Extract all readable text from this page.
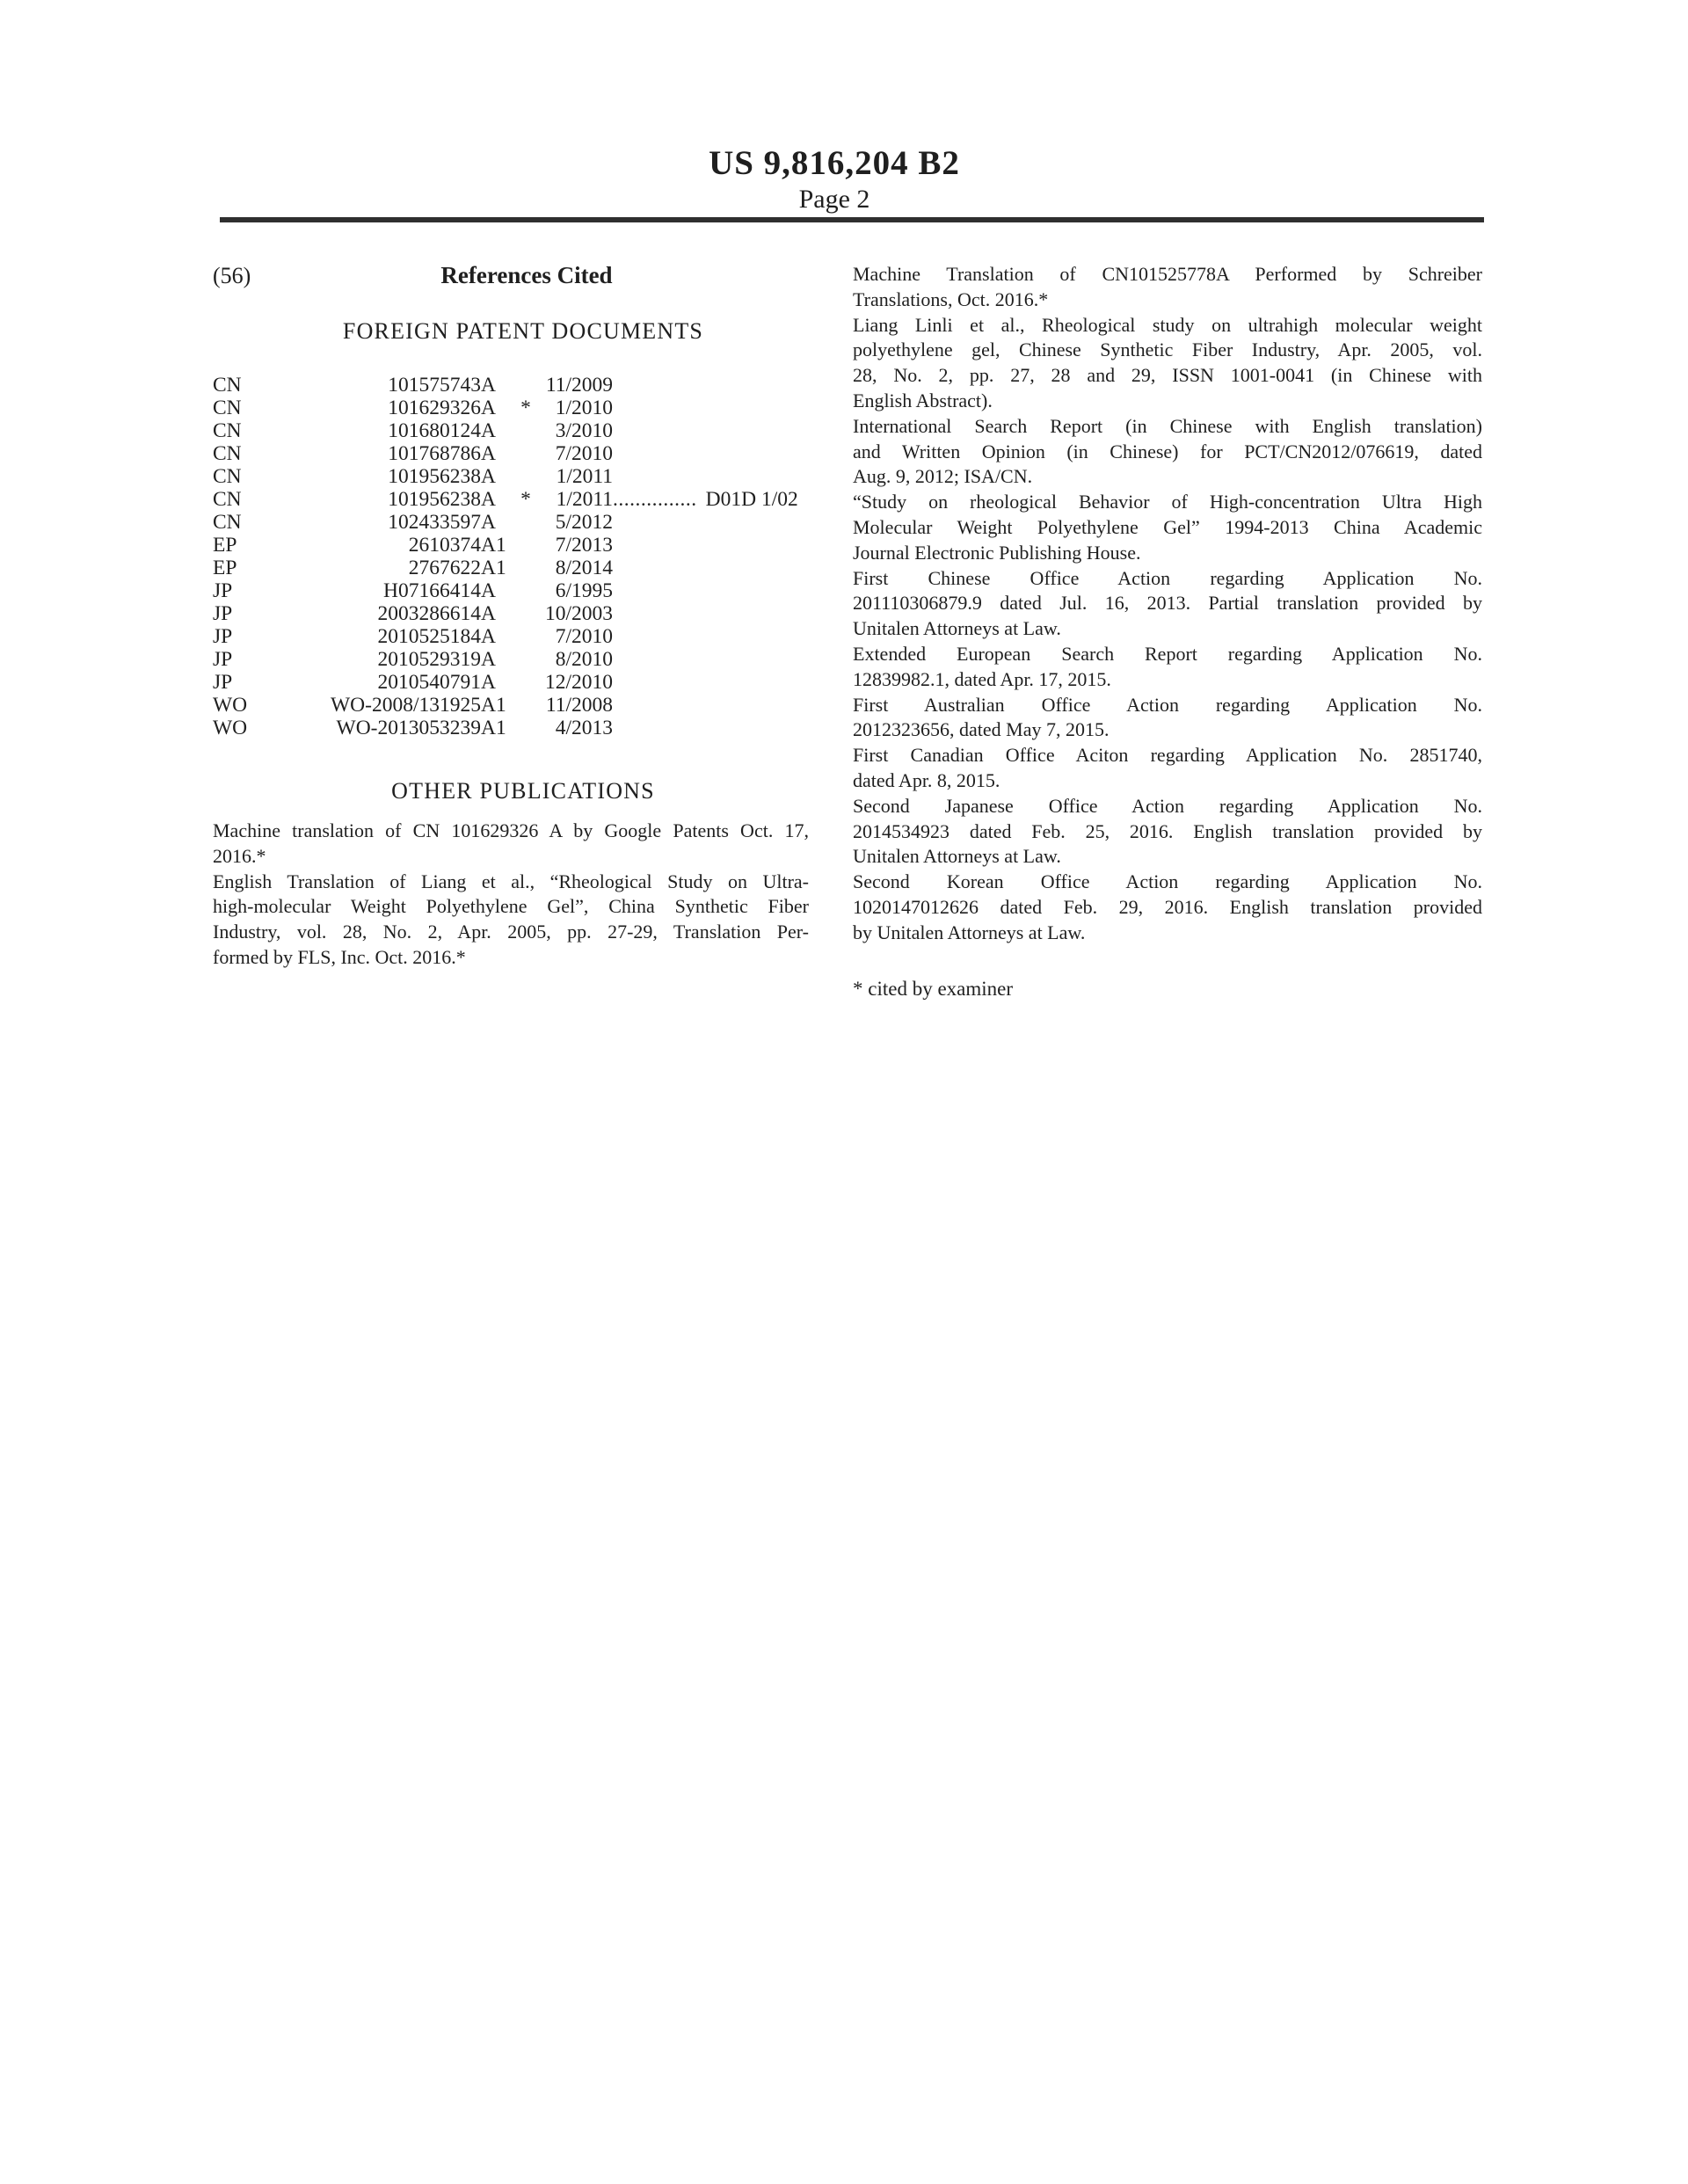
US 9,816,204 B2
Page 2
(56)	References Cited
FOREIGN PATENT DOCUMENTS
CN	101575743	A		11/2009	
CN	101629326	A	*	1/2010	
CN	101680124	A		3/2010	
CN	101768786	A		7/2010	
CN	101956238	A		1/2011	
CN	101956238	A	*	1/2011	............... D01D 1/02
CN	102433597	A		5/2012	
EP	2610374	A1		7/2013	
EP	2767622	A1		8/2014	
JP	H07166414	A		6/1995	
JP	2003286614	A		10/2003	
JP	2010525184	A		7/2010	
JP	2010529319	A		8/2010	
JP	2010540791	A		12/2010	
WO	WO-2008/131925	A1		11/2008	
WO	WO-2013053239	A1		4/2013	
OTHER PUBLICATIONS
Machine translation of CN 101629326 A by Google Patents Oct. 17,
2016.*
English Translation of Liang et al., “Rheological Study on Ultra-
high-molecular Weight Polyethylene Gel”, China Synthetic Fiber
Industry, vol. 28, No. 2, Apr. 2005, pp. 27-29, Translation Per-
formed by FLS, Inc. Oct. 2016.*
Machine Translation of CN101525778A Performed by Schreiber
Translations, Oct. 2016.*
Liang Linli et al., Rheological study on ultrahigh molecular weight
polyethylene gel, Chinese Synthetic Fiber Industry, Apr. 2005, vol.
28, No. 2, pp. 27, 28 and 29, ISSN 1001-0041 (in Chinese with
English Abstract).
International Search Report (in Chinese with English translation)
and Written Opinion (in Chinese) for PCT/CN2012/076619, dated
Aug. 9, 2012; ISA/CN.
“Study on rheological Behavior of High-concentration Ultra High
Molecular Weight Polyethylene Gel” 1994-2013 China Academic
Journal Electronic Publishing House.
First Chinese Office Action regarding Application No.
201110306879.9 dated Jul. 16, 2013. Partial translation provided by
Unitalen Attorneys at Law.
Extended European Search Report regarding Application No.
12839982.1, dated Apr. 17, 2015.
First Australian Office Action regarding Application No.
2012323656, dated May 7, 2015.
First Canadian Office Aciton regarding Application No. 2851740,
dated Apr. 8, 2015.
Second Japanese Office Action regarding Application No.
2014534923 dated Feb. 25, 2016. English translation provided by
Unitalen Attorneys at Law.
Second Korean Office Action regarding Application No.
1020147012626 dated Feb. 29, 2016. English translation provided
by Unitalen Attorneys at Law.
* cited by examiner
